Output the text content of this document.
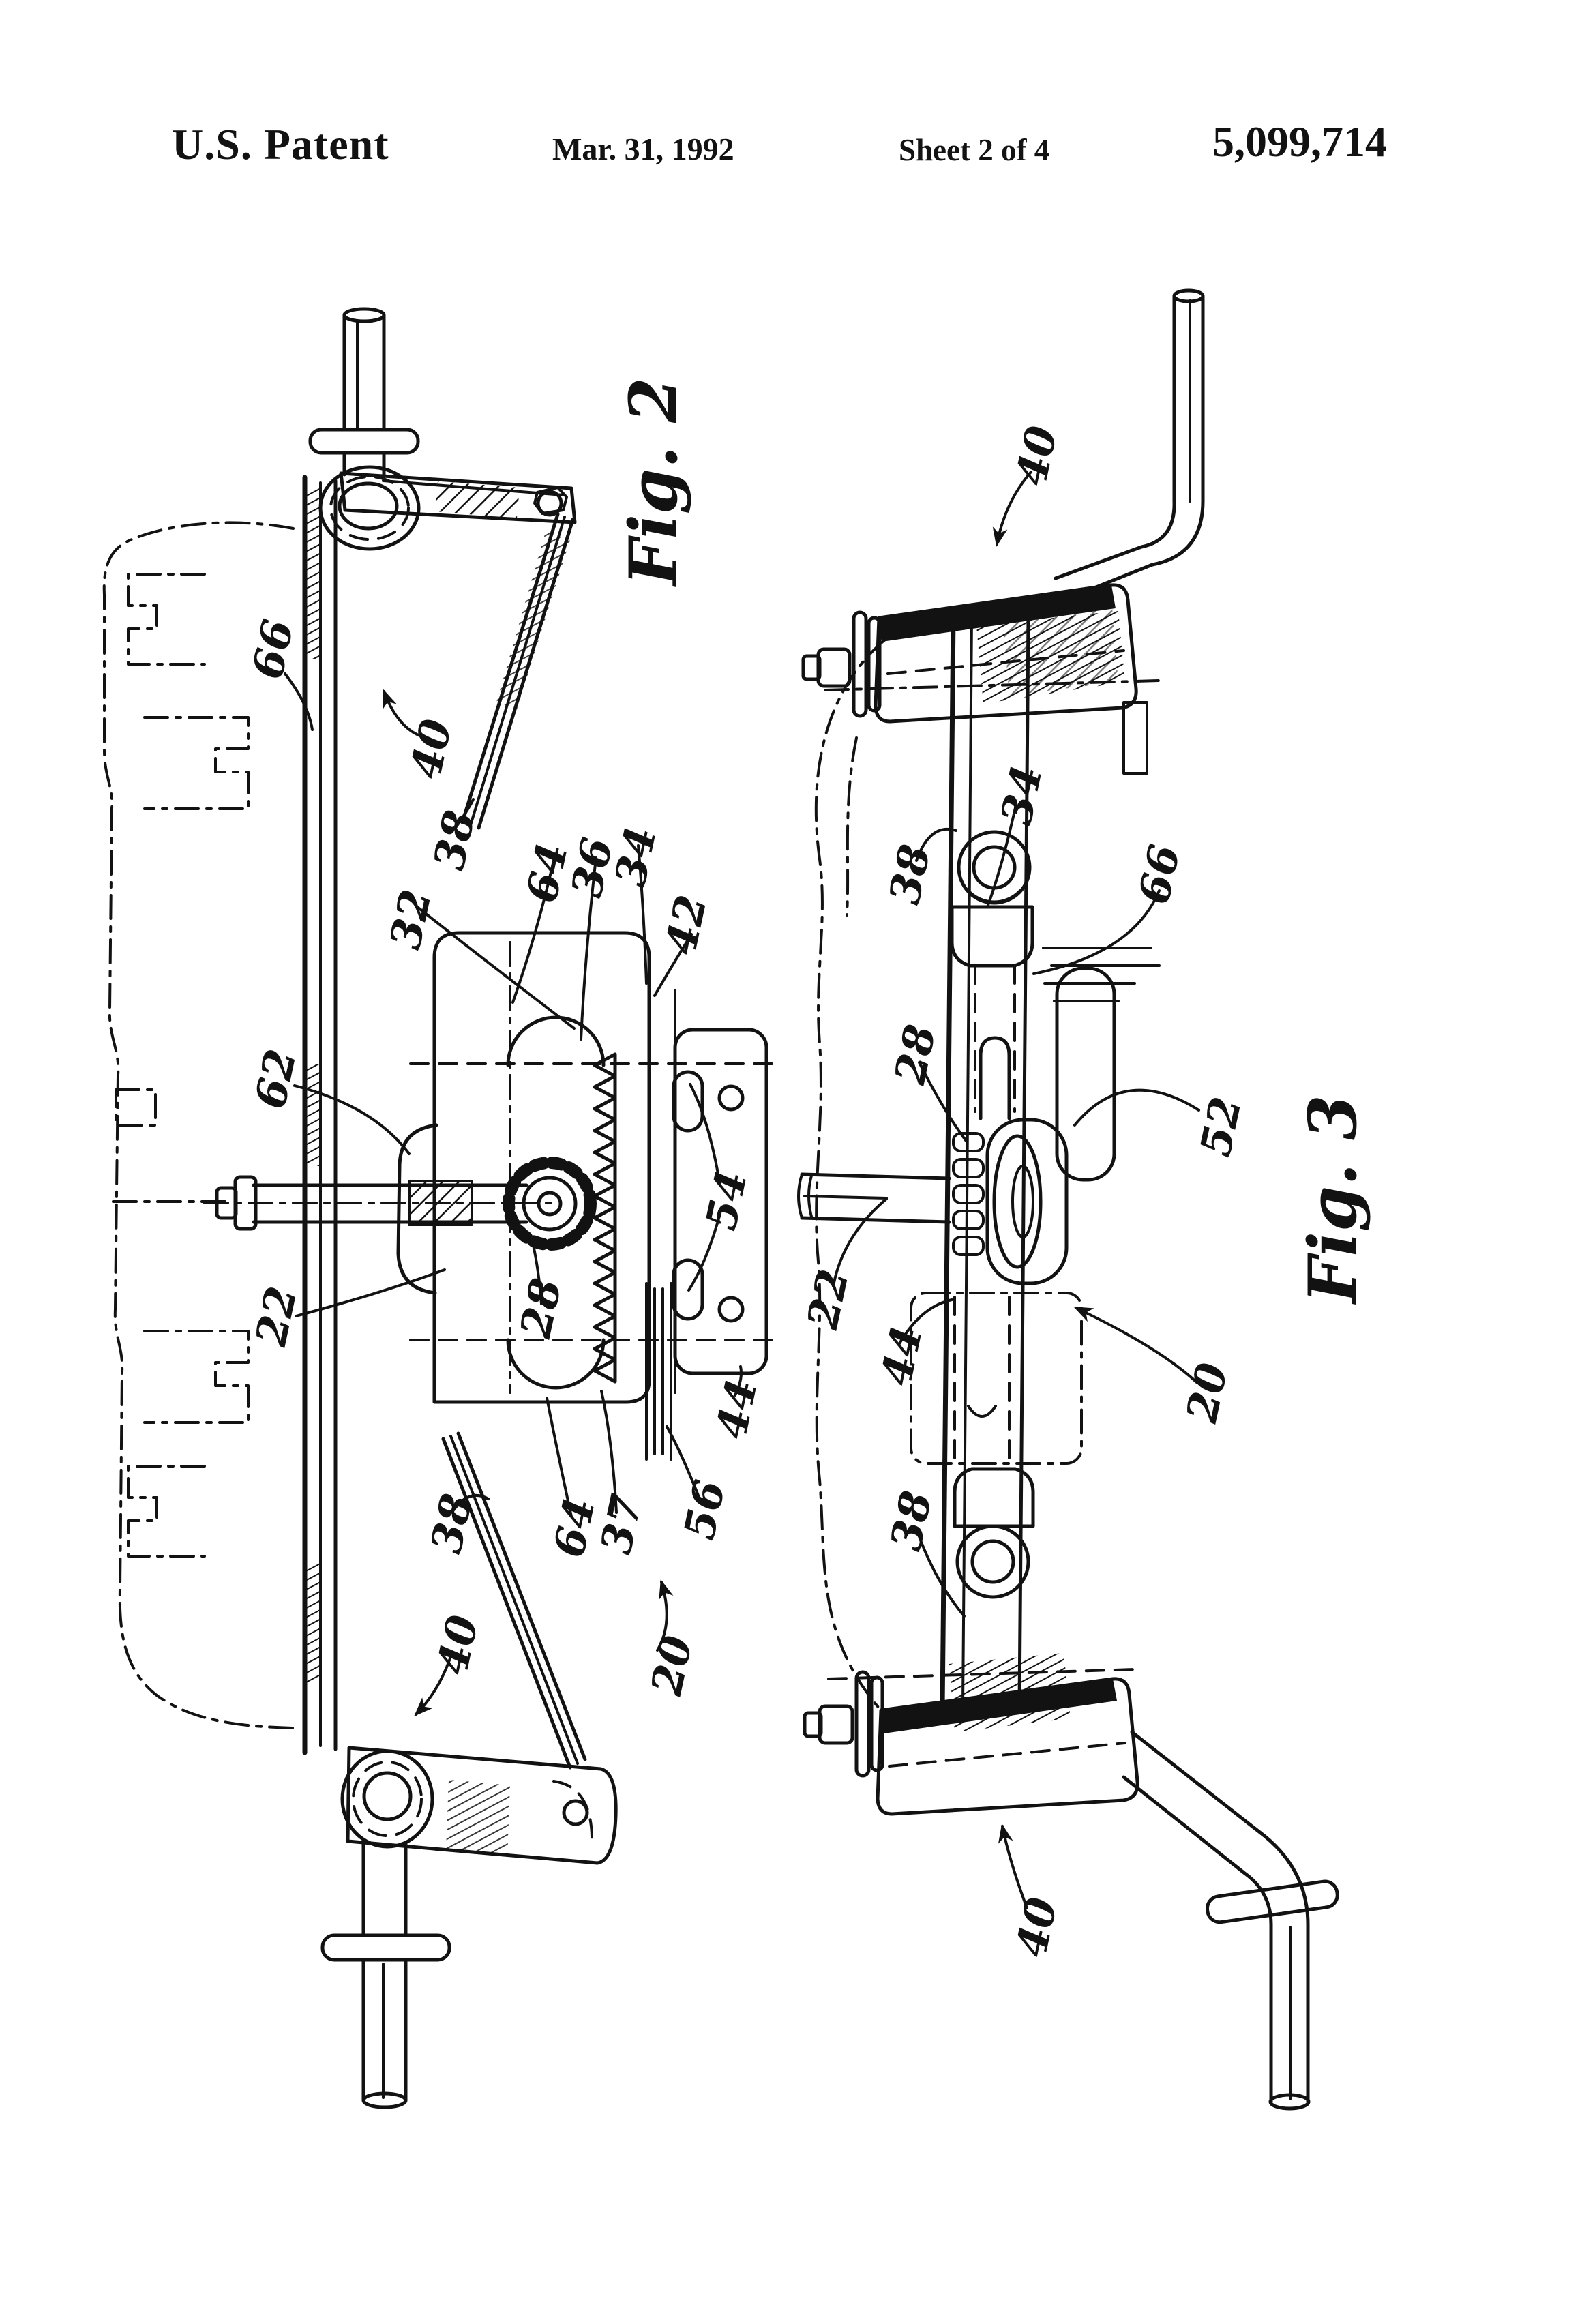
U.S. Patent	Mar. 31, 1992	Sheet 2 of 4	5,099,714
Fig. 2
Fig. 3
66
40
38
32
64
36
34
42
62
22	28
54
44
64
37 56
20
38
40
40
34
38	66
28
52
22
44
20
38
40
